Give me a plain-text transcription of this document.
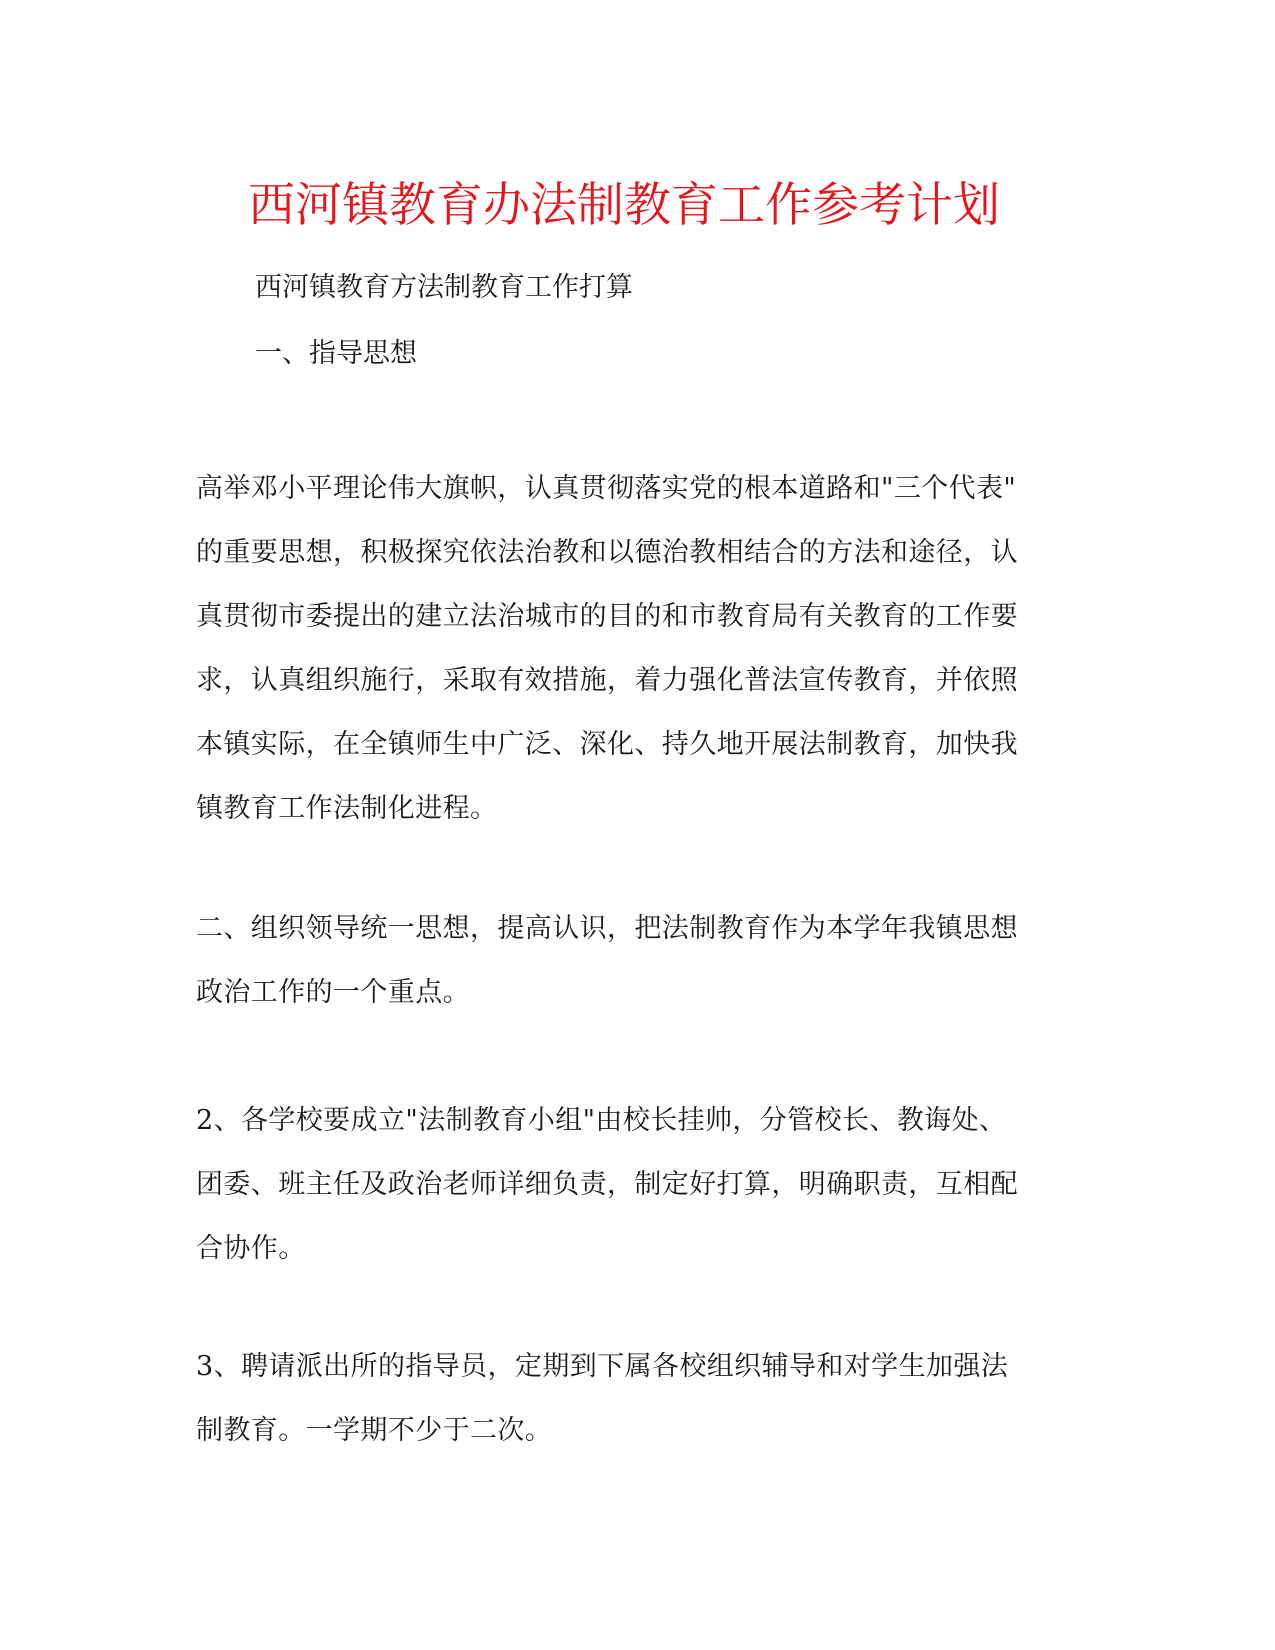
西河镇教育办法制教育工作参考计划

西河镇教育方法制教育工作打算

一、指导思想

高举邓小平理论伟大旗帜，认真贯彻落实党的根本道路和"三个代表"
的重要思想，积极探究依法治教和以德治教相结合的方法和途径，认
真贯彻市委提出的建立法治城市的目的和市教育局有关教育的工作要
求，认真组织施行，采取有效措施，着力强化普法宣传教育，并依照
本镇实际，在全镇师生中广泛、深化、持久地开展法制教育，加快我
镇教育工作法制化进程。
二、组织领导统一思想，提高认识，把法制教育作为本学年我镇思想
政治工作的一个重点。
2、各学校要成立"法制教育小组"由校长挂帅，分管校长、教诲处、
团委、班主任及政治老师详细负责，制定好打算，明确职责，互相配
合协作。
3、聘请派出所的指导员，定期到下属各校组织辅导和对学生加强法
制教育。一学期不少于二次。
